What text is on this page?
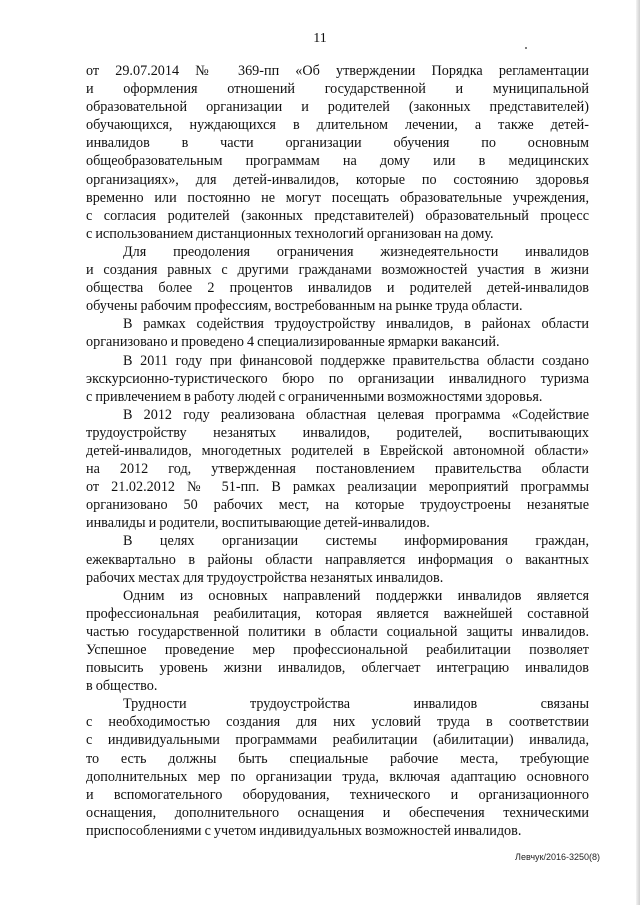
11
от 29.07.2014 № 369-пп «Об утверждении Порядка регламентации
и оформления отношений государственной и муниципальной
образовательной организации и родителей (законных представителей)
обучающихся, нуждающихся в длительном лечении, а также детей-
инвалидов в части организации обучения по основным
общеобразовательным программам на дому или в медицинских
организациях», для детей-инвалидов, которые по состоянию здоровья
временно или постоянно не могут посещать образовательные учреждения,
с согласия родителей (законных представителей) образовательный процесс
с использованием дистанционных технологий организован на дому.
Для преодоления ограничения жизнедеятельности инвалидов
и создания равных с другими гражданами возможностей участия в жизни
общества более 2 процентов инвалидов и родителей детей-инвалидов
обучены рабочим профессиям, востребованным на рынке труда области.
В рамках содействия трудоустройству инвалидов, в районах области
организовано и проведено 4 специализированные ярмарки вакансий.
В 2011 году при финансовой поддержке правительства области создано
экскурсионно-туристического бюро по организации инвалидного туризма
с привлечением в работу людей с ограниченными возможностями здоровья.
В 2012 году реализована областная целевая программа «Содействие
трудоустройству незанятых инвалидов, родителей, воспитывающих
детей-инвалидов, многодетных родителей в Еврейской автономной области»
на 2012 год, утвержденная постановлением правительства области
от 21.02.2012 № 51-пп. В рамках реализации мероприятий программы
организовано 50 рабочих мест, на которые трудоустроены незанятые
инвалиды и родители, воспитывающие детей-инвалидов.
В целях организации системы информирования граждан,
ежеквартально в районы области направляется информация о вакантных
рабочих местах для трудоустройства незанятых инвалидов.
Одним из основных направлений поддержки инвалидов является
профессиональная реабилитация, которая является важнейшей составной
частью государственной политики в области социальной защиты инвалидов.
Успешное проведение мер профессиональной реабилитации позволяет
повысить уровень жизни инвалидов, облегчает интеграцию инвалидов
в общество.
Трудности трудоустройства инвалидов связаны
с необходимостью создания для них условий труда в соответствии
с индивидуальными программами реабилитации (абилитации) инвалида,
то есть должны быть специальные рабочие места, требующие
дополнительных мер по организации труда, включая адаптацию основного
и вспомогательного оборудования, технического и организационного
оснащения, дополнительного оснащения и обеспечения техническими
приспособлениями с учетом индивидуальных возможностей инвалидов.
Левчук/2016-3250(8)
